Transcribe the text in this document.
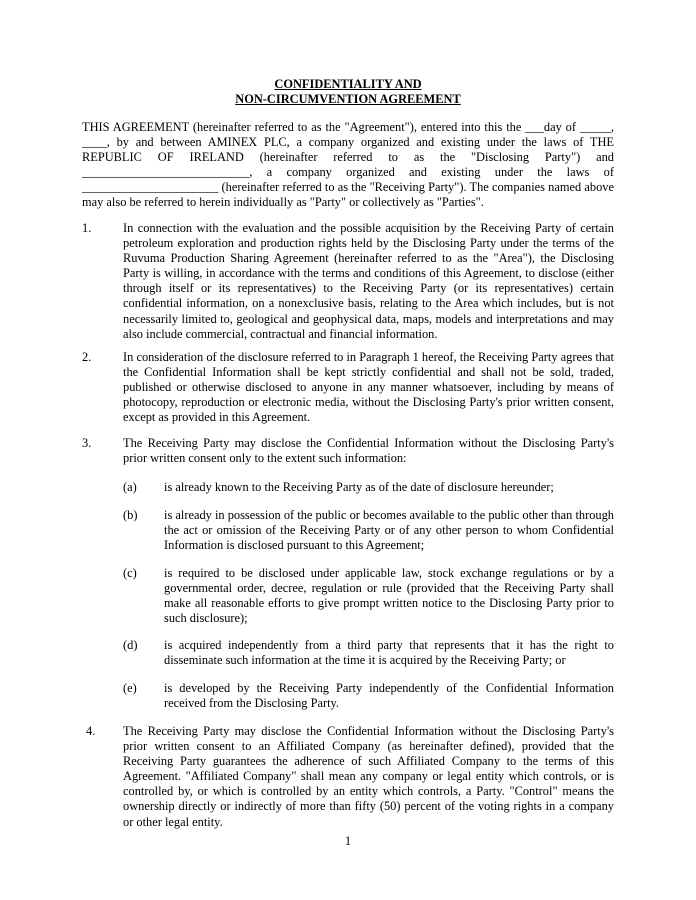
CONFIDENTIALITY AND
NON-CIRCUMVENTION AGREEMENT

THIS AGREEMENT (hereinafter referred to as the "Agreement"), entered into this the ___day of _____, ____, by and between AMINEX PLC, a company organized and existing under the laws of THE REPUBLIC OF IRELAND (hereinafter referred to as the "Disclosing Party") and ___________________________, a company organized and existing under the laws of ______________________ (hereinafter referred to as the "Receiving Party"). The companies named above may also be referred to herein individually as "Party" or collectively as "Parties".

1.	In connection with the evaluation and the possible acquisition by the Receiving Party of certain petroleum exploration and production rights held by the Disclosing Party under the terms of the Ruvuma Production Sharing Agreement (hereinafter referred to as the "Area"), the Disclosing Party is willing, in accordance with the terms and conditions of this Agreement, to disclose (either through itself or its representatives) to the Receiving Party (or its representatives) certain confidential information, on a nonexclusive basis, relating to the Area which includes, but is not necessarily limited to, geological and geophysical data, maps, models and interpretations and may also include commercial, contractual and financial information.

2.	In consideration of the disclosure referred to in Paragraph 1 hereof, the Receiving Party agrees that the Confidential Information shall be kept strictly confidential and shall not be sold, traded, published or otherwise disclosed to anyone in any manner whatsoever, including by means of photocopy, reproduction or electronic media, without the Disclosing Party's prior written consent, except as provided in this Agreement.

3.	The Receiving Party may disclose the Confidential Information without the Disclosing Party's prior written consent only to the extent such information:

(a) is already known to the Receiving Party as of the date of disclosure hereunder;

(b) is already in possession of the public or becomes available to the public other than through the act or omission of the Receiving Party or of any other person to whom Confidential Information is disclosed pursuant to this Agreement;

(c) is required to be disclosed under applicable law, stock exchange regulations or by a governmental order, decree, regulation or rule (provided that the Receiving Party shall make all reasonable efforts to give prompt written notice to the Disclosing Party prior to such disclosure);

(d) is acquired independently from a third party that represents that it has the right to disseminate such information at the time it is acquired by the Receiving Party; or

(e) is developed by the Receiving Party independently of the Confidential Information received from the Disclosing Party.

4. The Receiving Party may disclose the Confidential Information without the Disclosing Party's prior written consent to an Affiliated Company (as hereinafter defined), provided that the Receiving Party guarantees the adherence of such Affiliated Company to the terms of this Agreement. "Affiliated Company" shall mean any company or legal entity which controls, or is controlled by, or which is controlled by an entity which controls, a Party. "Control" means the ownership directly or indirectly of more than fifty (50) percent of the voting rights in a company or other legal entity.

1
